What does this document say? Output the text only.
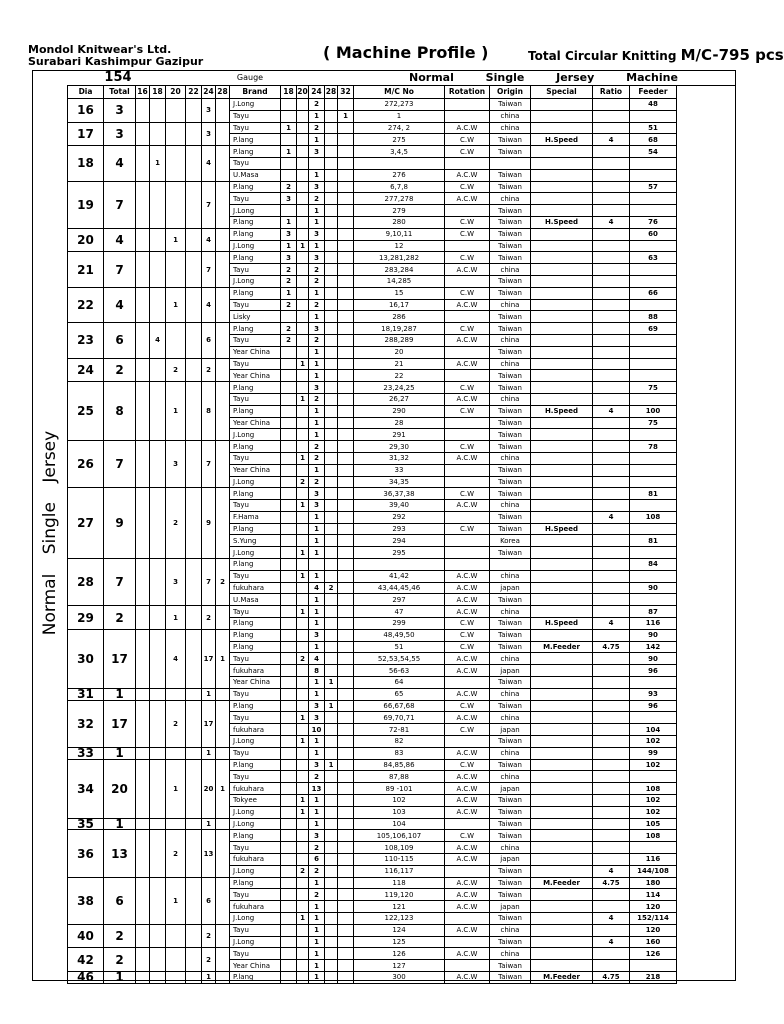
Mondol Knitwear's Ltd.
Surabari Kashimpur Gazipur	( Machine Profile )	Total Circular Knitting M/C-795 pcs
154	Gauge	Normal Single Jersey Machine
Normal Single Jersey
Dia	Total	16	18	20	22	24	28	Brand	18	20	24	28	32	M/C No	Rotation	Origin	Special	Ratio	Feeder
16	3					3		J.Long			2			272,273		Taiwan			48
								Tayu			1		1	1		china			
17	3					3		Tayu	1		2			274, 2	A.C.W	china			51
								P.lang			1			275	C.W	Taiwan	H.Speed	4	68
18	4		1			4		P.lang	1		3			3,4,5	C.W	Taiwan			54
								Tayu											
								U.Masa			1			276	A.C.W	Taiwan			
19	7					7		P.lang	2		3			6,7,8	C.W	Taiwan			57
								Tayu	3		2			277,278	A.C.W	china			
								J.Long			1			279		Taiwan			
								P.lang	1		1			280	C.W	Taiwan	H.Speed	4	76
20	4			1		4		P.lang	3		3			9,10,11	C.W	Taiwan			60
								J.Long	1	1	1			12		Taiwan			
21	7					7		P.lang	3		3			13,281,282	C.W	Taiwan			63
								Tayu	2		2			283,284	A.C.W	china			
								J.Long	2		2			14,285		Taiwan			
22	4			1		4		P.lang	1		1			15	C.W	Taiwan			66
								Tayu	2		2			16,17	A.C.W	china			
								Lisky			1			286		Taiwan			88
23	6		4			6		P.lang	2		3			18,19,287	C.W	Taiwan			69
								Tayu	2		2			288,289	A.C.W	china			
								Year China			1			20		Taiwan			
24	2			2		2		Tayu		1	1			21	A.C.W	china			
								Year China			1			22		Taiwan			
25	8			1		8		P.lang			3			23,24,25	C.W	Taiwan			75
								Tayu		1	2			26,27	A.C.W	china			
								P.lang			1			290	C.W	Taiwan	H.Speed	4	100
								Year China			1			28		Taiwan			75
								J.Long			1			291		Taiwan			
26	7			3		7		P.lang			2			29,30	C.W	Taiwan			78
								Tayu		1	2			31,32	A.C.W	china			
								Year China			1			33		Taiwan			
								J.Long		2	2			34,35		Taiwan			
27	9			2		9		P.lang			3			36,37,38	C.W	Taiwan			81
								Tayu		1	3			39,40	A.C.W	china			
								F.Hama			1			292		Taiwan		4	108
								P.lang			1			293	C.W	Taiwan	H.Speed		
								S.Yung			1			294		Korea			81
								J.Long		1	1			295		Taiwan			
28	7			3		7	2	P.lang											84
								Tayu		1	1			41,42	A.C.W	china			
								fukuhara			4	2		43,44,45,46	A.C.W	japan			90
								U.Masa			1			297	A.C.W	Taiwan			
29	2			1		2		Tayu		1	1			47	A.C.W	china			87
								P.lang			1			299	C.W	Taiwan	H.Speed	4	116
30	17			4		17	1	P.lang			3			48,49,50	C.W	Taiwan			90
								P.lang			1			51	C.W	Taiwan	M.Feeder	4.75	142
								Tayu		2	4			52,53,54,55	A.C.W	china			90
								fukuhara			8			56-63	A.C.W	japan			96
								Year China			1	1		64		Taiwan			
31	1					1		Tayu			1			65	A.C.W	china			93
32	17			2		17		P.lang			3	1		66,67,68	C.W	Taiwan			96
								Tayu		1	3			69,70,71	A.C.W	china			
								fukuhara			10			72-81	C.W	japan			104
								J.Long		1	1			82		Taiwan			102
33	1					1		Tayu			1			83	A.C.W	china			99
34	20			1		20	1	P.lang			3	1		84,85,86	C.W	Taiwan			102
								Tayu			2			87,88	A.C.W	china			
								fukuhara			13			89 -101	A.C.W	japan			108
								Tokyee		1	1			102	A.C.W	Taiwan			102
								J.Long		1	1			103	A.C.W	Taiwan			102
35	1					1		J.Long			1			104		Taiwan			105
36	13			2		13		P.lang			3			105,106,107	C.W	Taiwan			108
								Tayu			2			108,109	A.C.W	china			
								fukuhara			6			110-115	A.C.W	japan			116
								J.Long		2	2			116,117		Taiwan		4	144/108
38	6			1		6		P.lang			1			118	A.C.W	Taiwan	M.Feeder	4.75	180
								Tayu			2			119,120	A.C.W	Taiwan			114
								fukuhara			1			121	A.C.W	japan			120
								J.Long		1	1			122,123		Taiwan		4	152/114
40	2					2		Tayu			1			124	A.C.W	china			120
								J.Long			1			125		Taiwan		4	160
42	2					2		Tayu			1			126	A.C.W	china			126
								Year China			1			127		Taiwan			
46	1					1		P.lang			1			300	A.C.W	Taiwan	M.Feeder	4.75	218
